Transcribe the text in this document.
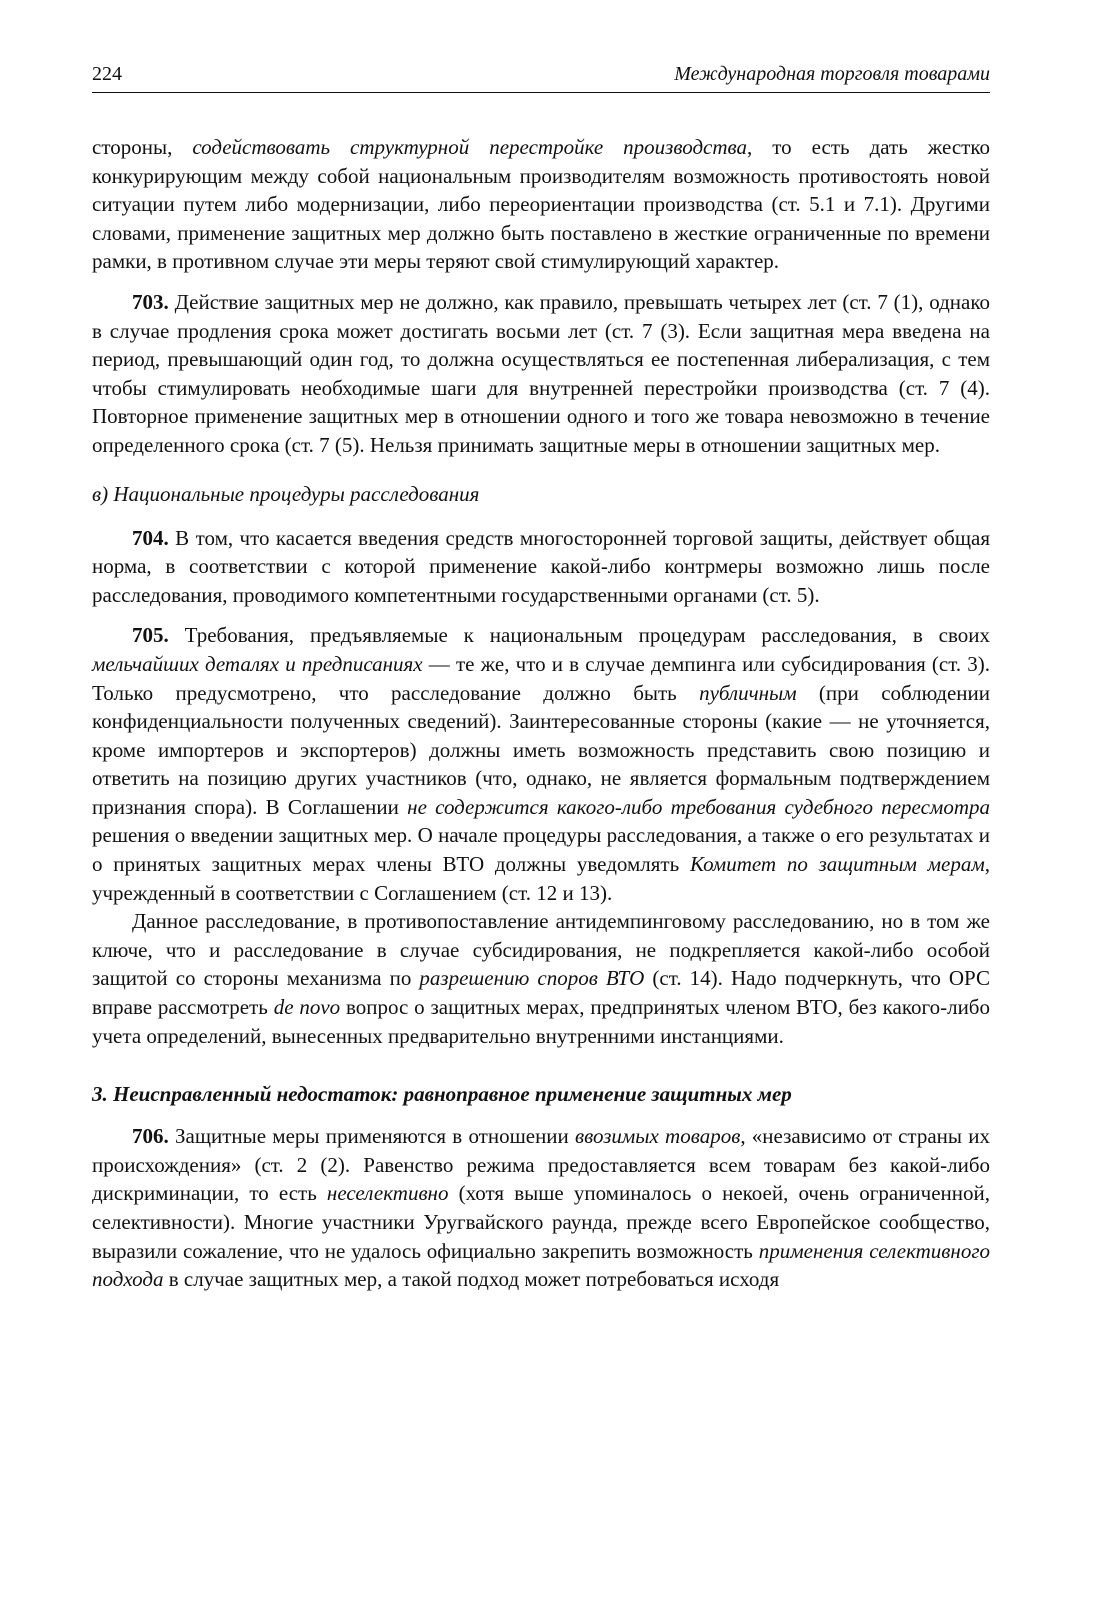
224	Международная торговля товарами

стороны, содействовать структурной перестройке производства, то есть дать жестко конкурирующим между собой национальным производителям возможность противостоять новой ситуации путем либо модернизации, либо переориентации производства (ст. 5.1 и 7.1). Другими словами, применение защитных мер должно быть поставлено в жесткие ограниченные по времени рамки, в противном случае эти меры теряют свой стимулирующий характер.

703. Действие защитных мер не должно, как правило, превышать четырех лет (ст. 7 (1), однако в случае продления срока может достигать восьми лет (ст. 7 (3). Если защитная мера введена на период, превышающий один год, то должна осуществляться ее постепенная либерализация, с тем чтобы стимулировать необходимые шаги для внутренней перестройки производства (ст. 7 (4). Повторное применение защитных мер в отношении одного и того же товара невозможно в течение определенного срока (ст. 7 (5). Нельзя принимать защитные меры в отношении защитных мер.

в) Национальные процедуры расследования

704. В том, что касается введения средств многосторонней торговой защиты, действует общая норма, в соответствии с которой применение какой-либо контрмеры возможно лишь после расследования, проводимого компетентными государственными органами (ст. 5).

705. Требования, предъявляемые к национальным процедурам расследования, в своих мельчайших деталях и предписаниях — те же, что и в случае демпинга или субсидирования (ст. 3). Только предусмотрено, что расследование должно быть публичным (при соблюдении конфиденциальности полученных сведений). Заинтересованные стороны (какие — не уточняется, кроме импортеров и экспортеров) должны иметь возможность представить свою позицию и ответить на позицию других участников (что, однако, не является формальным подтверждением признания спора). В Соглашении не содержится какого-либо требования судебного пересмотра решения о введении защитных мер. О начале процедуры расследования, а также о его результатах и о принятых защитных мерах члены ВТО должны уведомлять Комитет по защитным мерам, учрежденный в соответствии с Соглашением (ст. 12 и 13).

Данное расследование, в противопоставление антидемпинговому расследованию, но в том же ключе, что и расследование в случае субсидирования, не подкрепляется какой-либо особой защитой со стороны механизма по разрешению споров ВТО (ст. 14). Надо подчеркнуть, что ОРС вправе рассмотреть de novo вопрос о защитных мерах, предпринятых членом ВТО, без какого-либо учета определений, вынесенных предварительно внутренними инстанциями.

3. Неисправленный недостаток: равноправное применение защитных мер

706. Защитные меры применяются в отношении ввозимых товаров, «независимо от страны их происхождения» (ст. 2 (2). Равенство режима предоставляется всем товарам без какой-либо дискриминации, то есть неселективно (хотя выше упоминалось о некоей, очень ограниченной, селективности). Многие участники Уругвайского раунда, прежде всего Европейское сообщество, выразили сожаление, что не удалось официально закрепить возможность применения селективного подхода в случае защитных мер, а такой подход может потребоваться исходя
